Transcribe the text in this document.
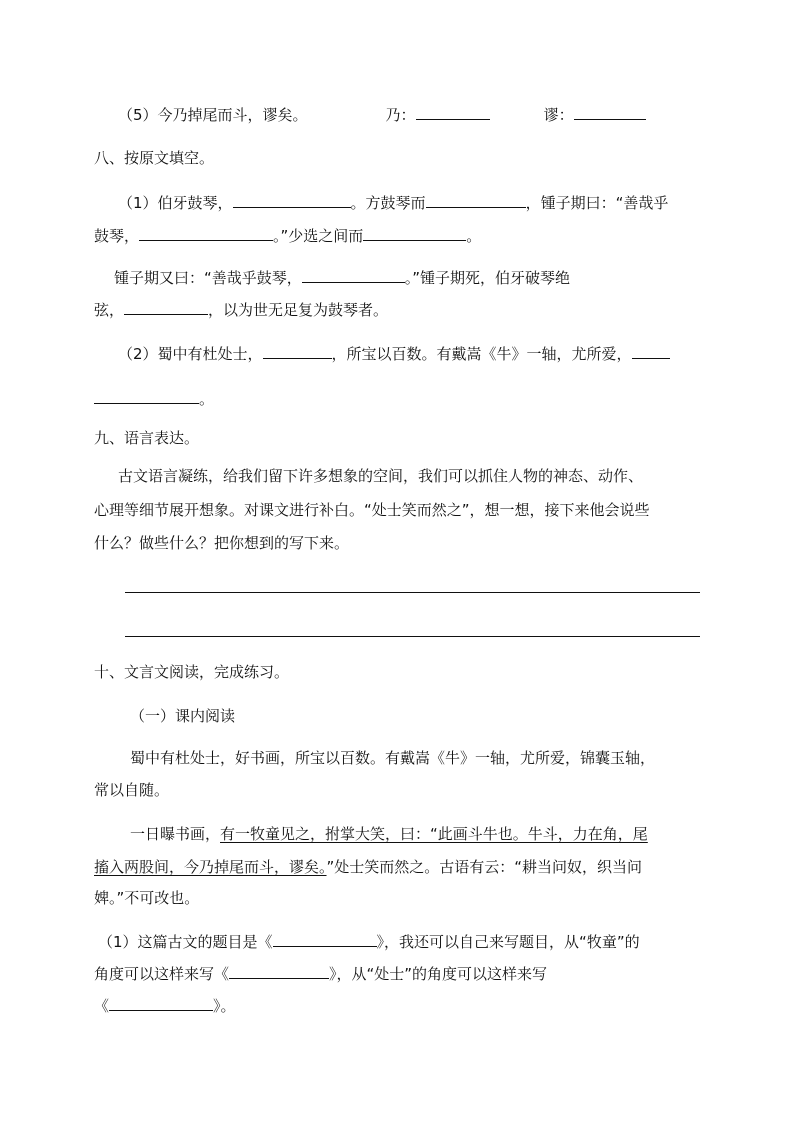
（5）今乃掉尾而斗，谬矣。	乃：	谬：
八、按原文填空。
（1）伯牙鼓琴，	。方鼓琴而	，锺子期曰：“善哉乎
鼓琴，	。”少选之间而	。
锺子期又曰：“善哉乎鼓琴，	。”锺子期死，伯牙破琴绝
弦，	，以为世无足复为鼓琴者。
（2）蜀中有杜处士，	，所宝以百数。有戴嵩《牛》一轴，尤所爱，
。
九、语言表达。
古文语言凝练，给我们留下许多想象的空间，我们可以抓住人物的神态、动作、
心理等细节展开想象。对课文进行补白。“处士笑而然之”，想一想，接下来他会说些
什么？做些什么？把你想到的写下来。
十、文言文阅读，完成练习。
（一）课内阅读
蜀中有杜处士，好书画，所宝以百数。有戴嵩《牛》一轴，尤所爱，锦囊玉轴，
常以自随。
一日曝书画，有一牧童见之，拊掌大笑，曰：“此画斗牛也。牛斗，力在角，尾
搐入两股间，今乃掉尾而斗，谬矣。”处士笑而然之。古语有云：“耕当问奴，织当问
婢。”不可改也。
（1）这篇古文的题目是《	》，我还可以自己来写题目，从“牧童”的
角度可以这样来写《	》，从“处士”的角度可以这样来写
《	》。
